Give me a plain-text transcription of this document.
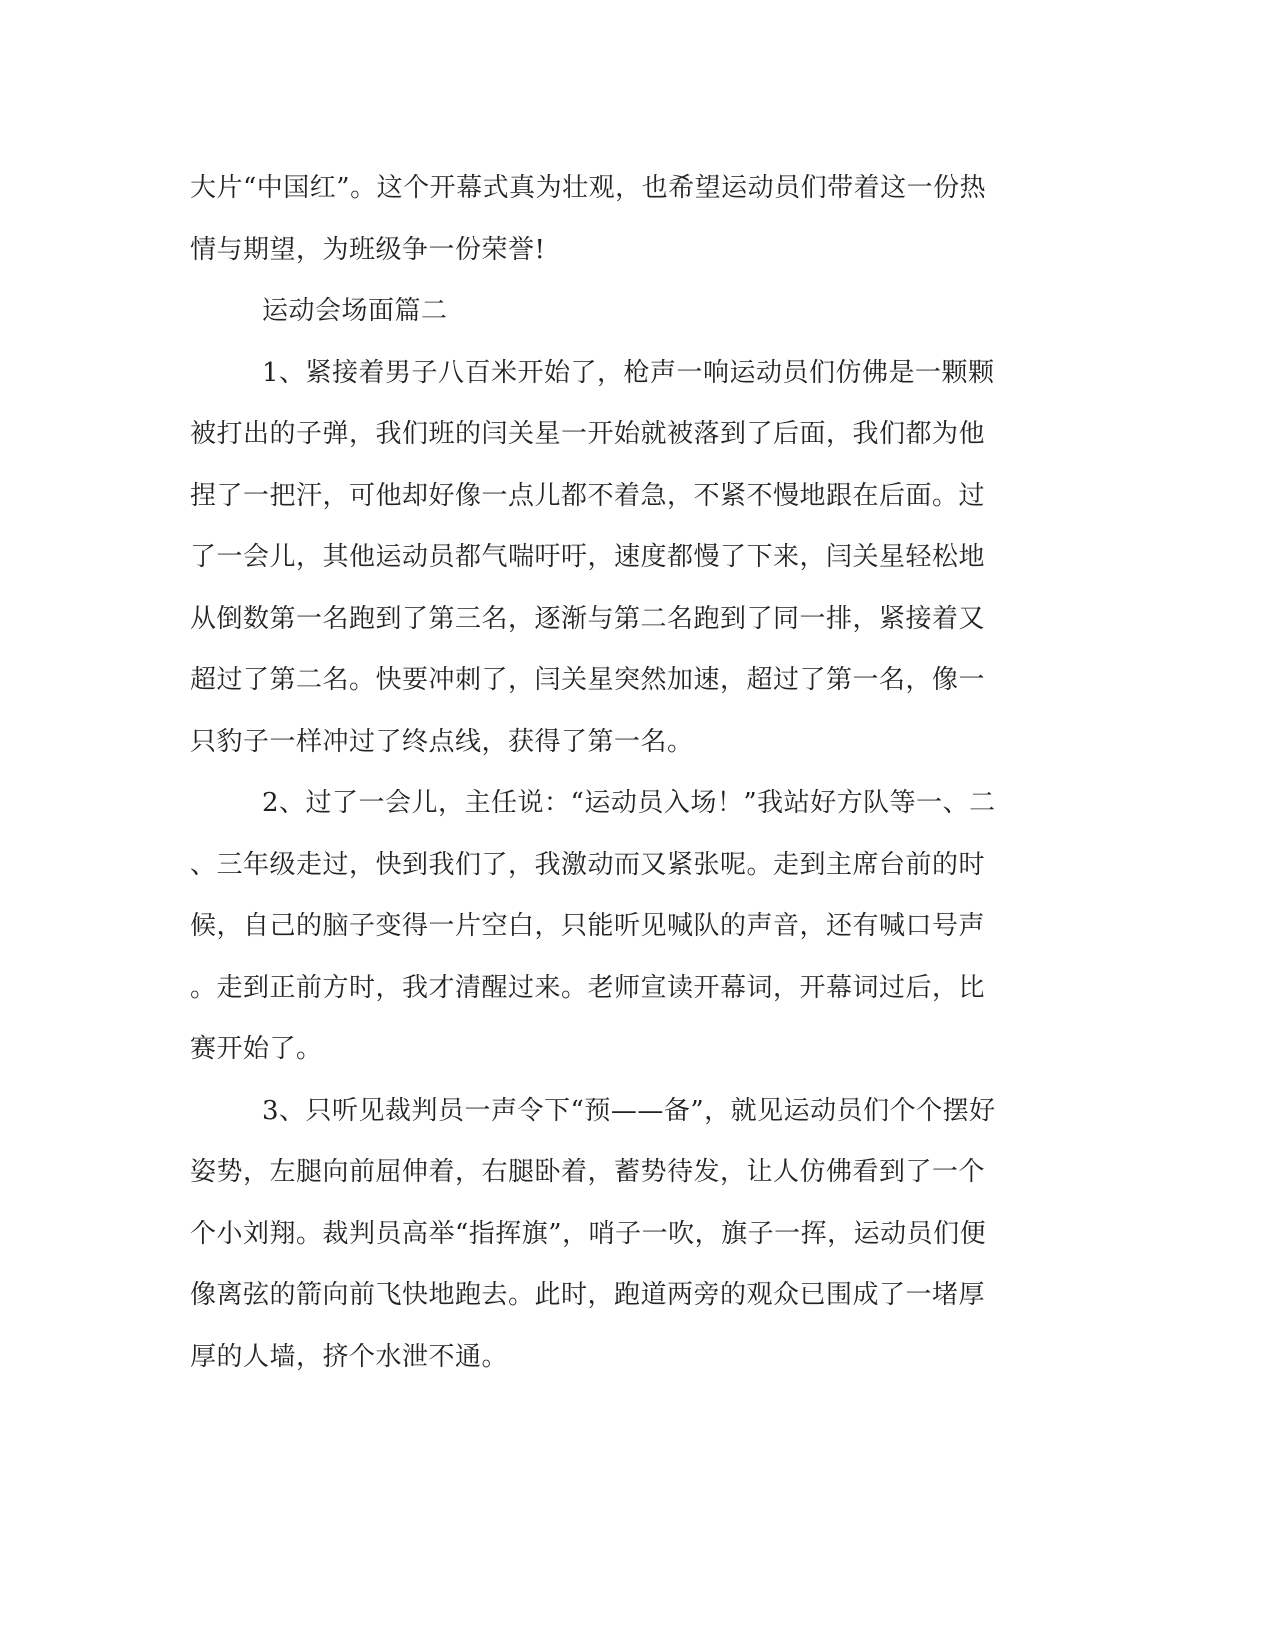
大片“中国红”。这个开幕式真为壮观，也希望运动员们带着这一份热
情与期望，为班级争一份荣誉!
运动会场面篇二
1、紧接着男子八百米开始了，枪声一响运动员们仿佛是一颗颗
被打出的子弹，我们班的闫关星一开始就被落到了后面，我们都为他
捏了一把汗，可他却好像一点儿都不着急，不紧不慢地跟在后面。过
了一会儿，其他运动员都气喘吁吁，速度都慢了下来，闫关星轻松地
从倒数第一名跑到了第三名，逐渐与第二名跑到了同一排，紧接着又
超过了第二名。快要冲刺了，闫关星突然加速，超过了第一名，像一
只豹子一样冲过了终点线，获得了第一名。
2、过了一会儿，主任说：“运动员入场！”我站好方队等一、二
、三年级走过，快到我们了，我激动而又紧张呢。走到主席台前的时
候，自己的脑子变得一片空白，只能听见喊队的声音，还有喊口号声
。走到正前方时，我才清醒过来。老师宣读开幕词，开幕词过后，比
赛开始了。
3、只听见裁判员一声令下“预——备”，就见运动员们个个摆好
姿势，左腿向前屈伸着，右腿卧着，蓄势待发，让人仿佛看到了一个
个小刘翔。裁判员高举“指挥旗”，哨子一吹，旗子一挥，运动员们便
像离弦的箭向前飞快地跑去。此时，跑道两旁的观众已围成了一堵厚
厚的人墙，挤个水泄不通。
